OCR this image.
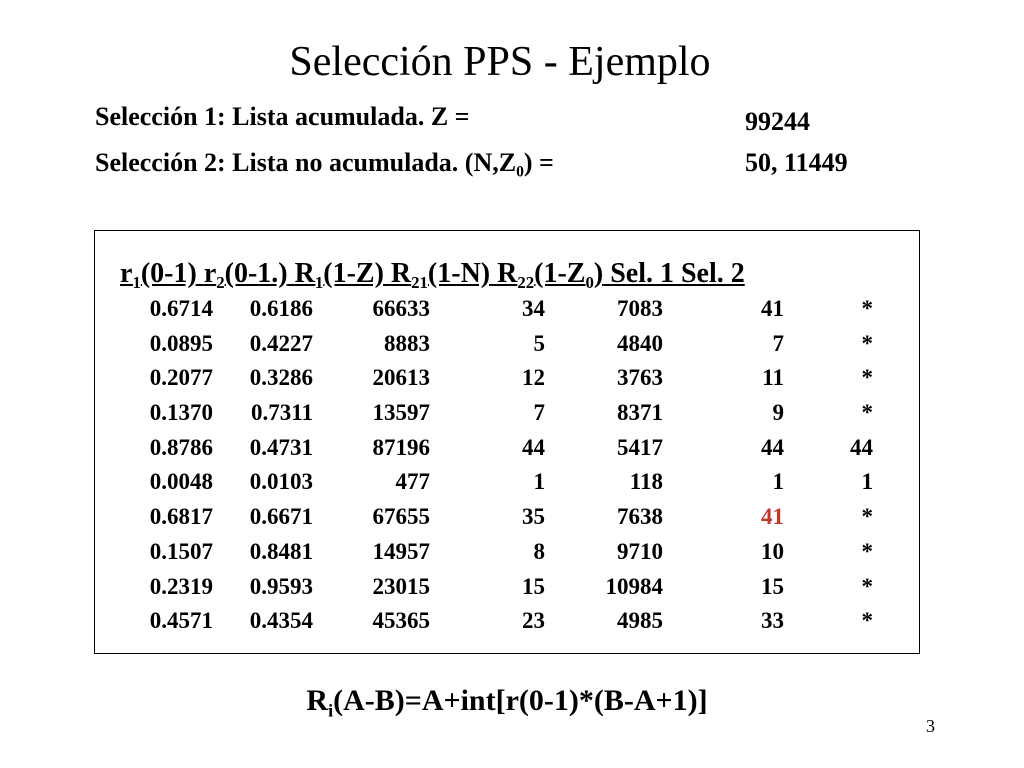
Selección PPS - Ejemplo
Selección 1: Lista acumulada. Z =	99244
Selección 2: Lista no acumulada. $(N,Z_0)$ =	50, 11449
$r_1(0-1)$ $r_2(0-1.)$ $R_1(1-Z)$ $R_{21}(1-N)$ $R_{22}(1-Z_0)$ Sel. 1 Sel. 2
0.6714	0.6186	66633	34	7083	41	*
0.0895	0.4227	8883	5	4840	7	*
0.2077	0.3286	20613	12	3763	11	*
0.1370	0.7311	13597	7	8371	9	*
0.8786	0.4731	87196	44	5417	44	44
0.0048	0.0103	477	1	118	1	1
0.6817	0.6671	67655	35	7638	41	*
0.1507	0.8481	14957	8	9710	10	*
0.2319	0.9593	23015	15	10984	15	*
0.4571	0.4354	45365	23	4985	33	*
$R_i(A-B)=A+int[r(0-1)*(B-A+1)]$
3
